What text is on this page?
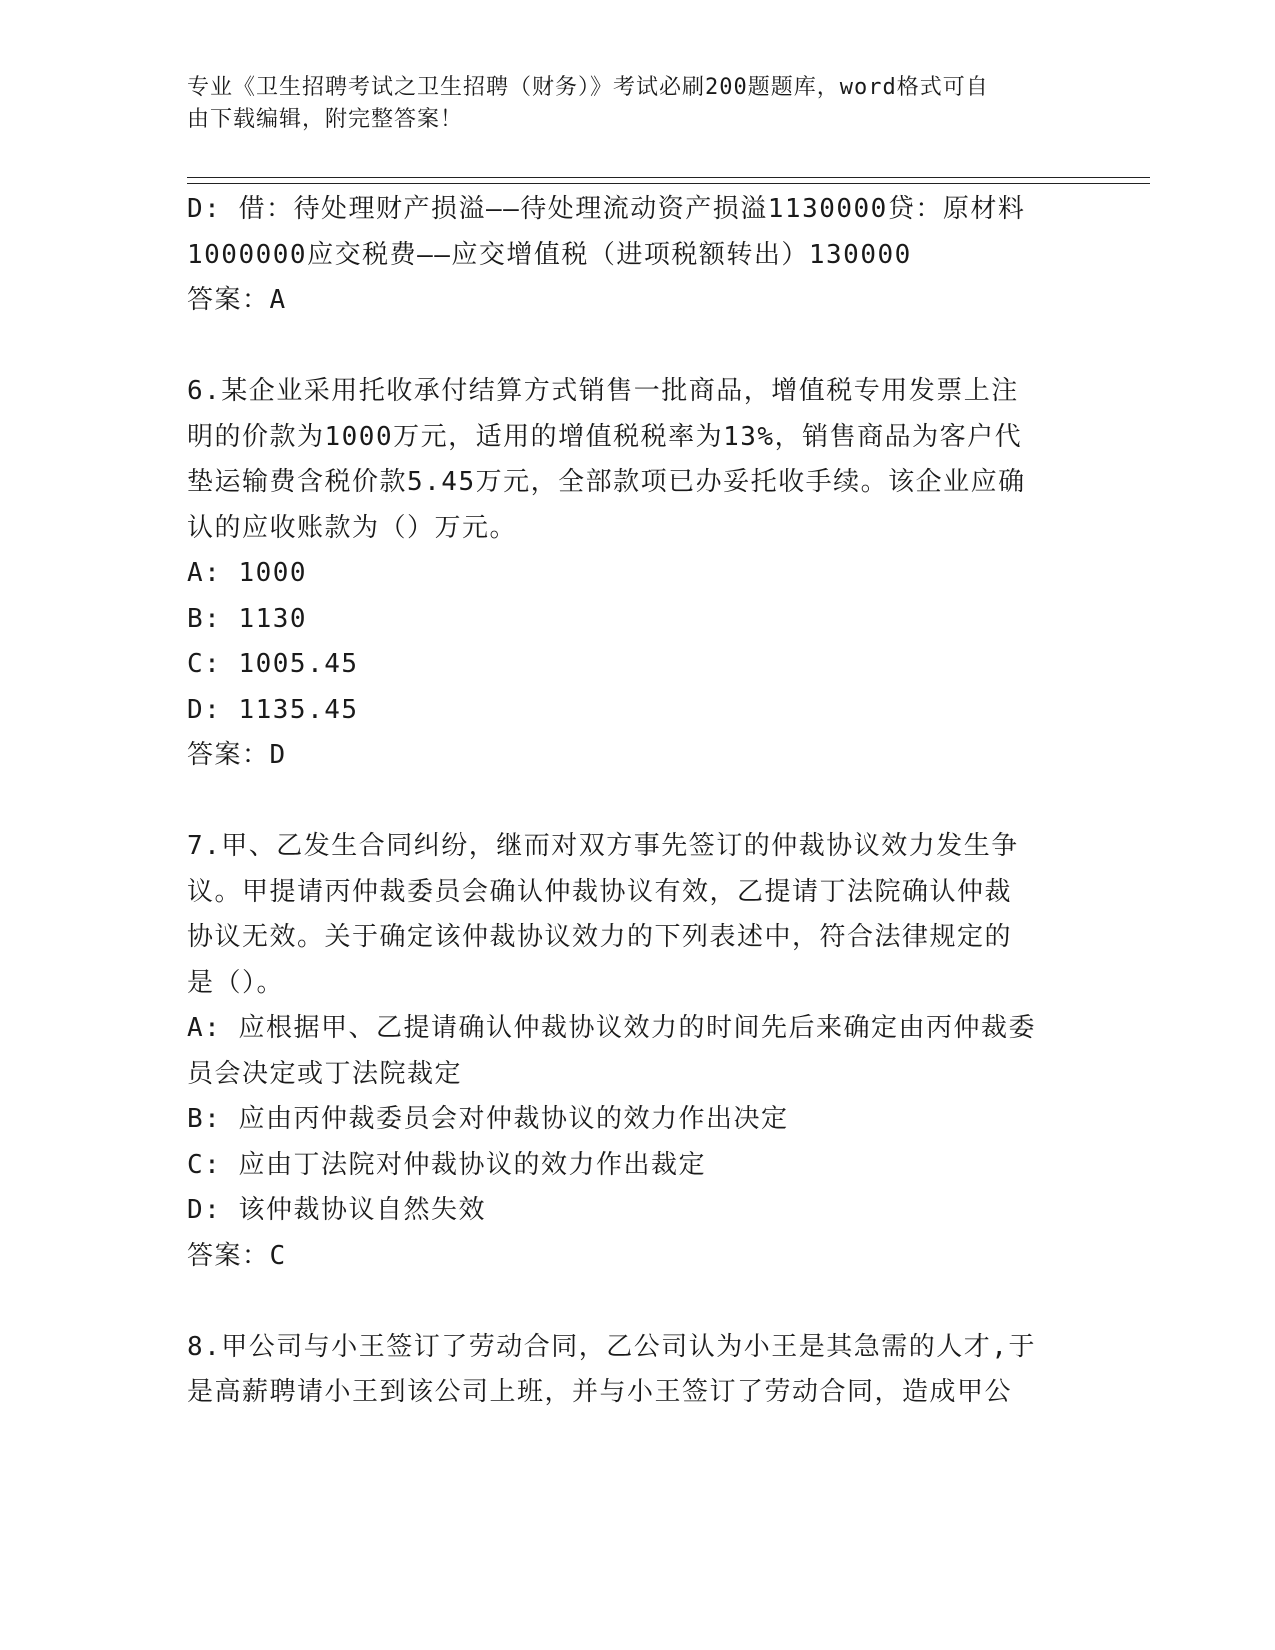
专业《卫生招聘考试之卫生招聘（财务）》考试必刷200题题库，word格式可自
由下载编辑，附完整答案！
D: 借：待处理财产损溢——待处理流动资产损溢1130000贷：原材料
1000000应交税费——应交增值税（进项税额转出）130000
答案：A
6.某企业采用托收承付结算方式销售一批商品，增值税专用发票上注
明的价款为1000万元，适用的增值税税率为13%，销售商品为客户代
垫运输费含税价款5.45万元，全部款项已办妥托收手续。该企业应确
认的应收账款为（）万元。
A: 1000
B: 1130
C: 1005.45
D: 1135.45
答案：D
7.甲、乙发生合同纠纷，继而对双方事先签订的仲裁协议效力发生争
议。甲提请丙仲裁委员会确认仲裁协议有效，乙提请丁法院确认仲裁
协议无效。关于确定该仲裁协议效力的下列表述中，符合法律规定的
是（）。
A: 应根据甲、乙提请确认仲裁协议效力的时间先后来确定由丙仲裁委
员会决定或丁法院裁定
B: 应由丙仲裁委员会对仲裁协议的效力作出决定
C: 应由丁法院对仲裁协议的效力作出裁定
D: 该仲裁协议自然失效
答案：C
8.甲公司与小王签订了劳动合同，乙公司认为小王是其急需的人才,于
是高薪聘请小王到该公司上班，并与小王签订了劳动合同，造成甲公
